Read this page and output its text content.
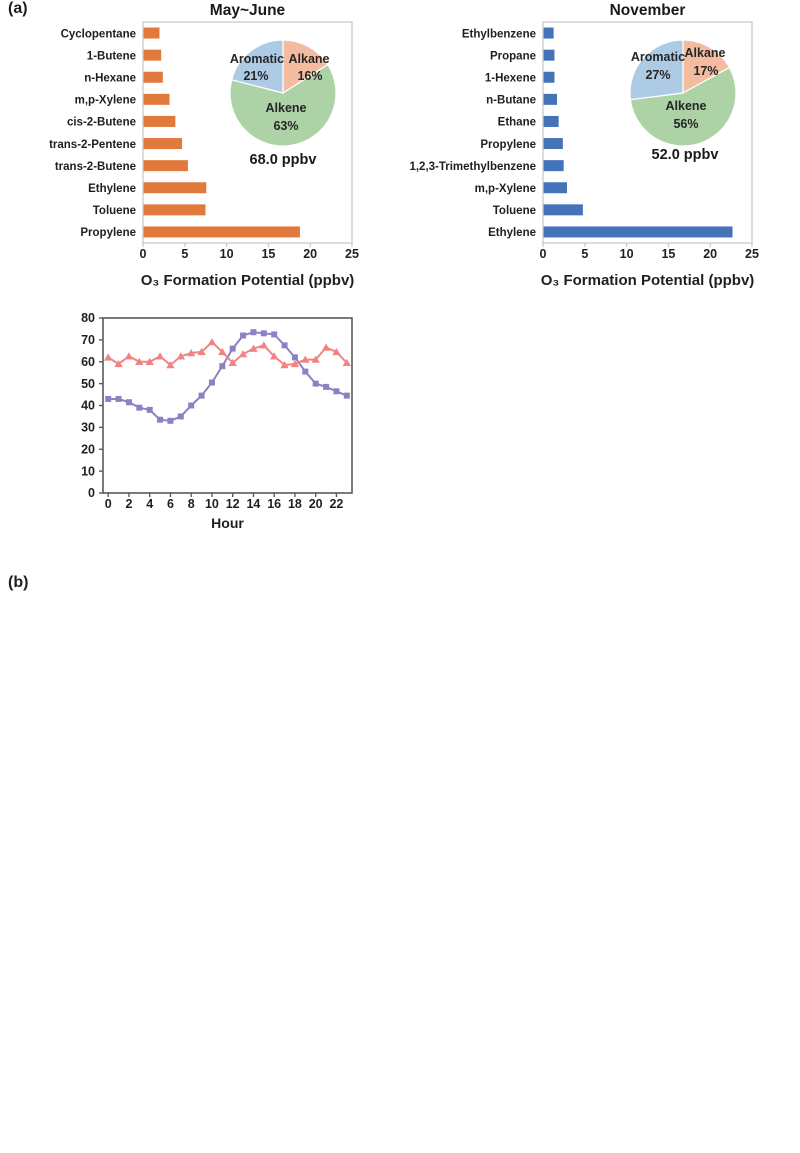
(a)
(b)
May~June
0	5	10 15 20 25
O₃ Formation Potential (ppbv)
Cyclopentane
1-Butene
n-Hexane
m,p-Xylene
cis-2-Butene
trans-2-Pentene
trans-2-Butene
Ethylene
Toluene
Propylene
Alkane
16%
Alkene
63%
Aromatic
21%
68.0 ppbv
November
0	5	10 15 20 25
O₃ Formation Potential (ppbv)
Ethylbenzene
Propane
1-Hexene
n-Butane
Ethane
Propylene
1,2,3-Trimethylbenzene
m,p-Xylene
Toluene
Ethylene
Alkane
17%
Alkene
56%
Aromatic
27%
52.0 ppbv
0
10
20
30
40
50
60
70
80
0 2 4 6 8 10 12 14 16 18 20 22
Hour
